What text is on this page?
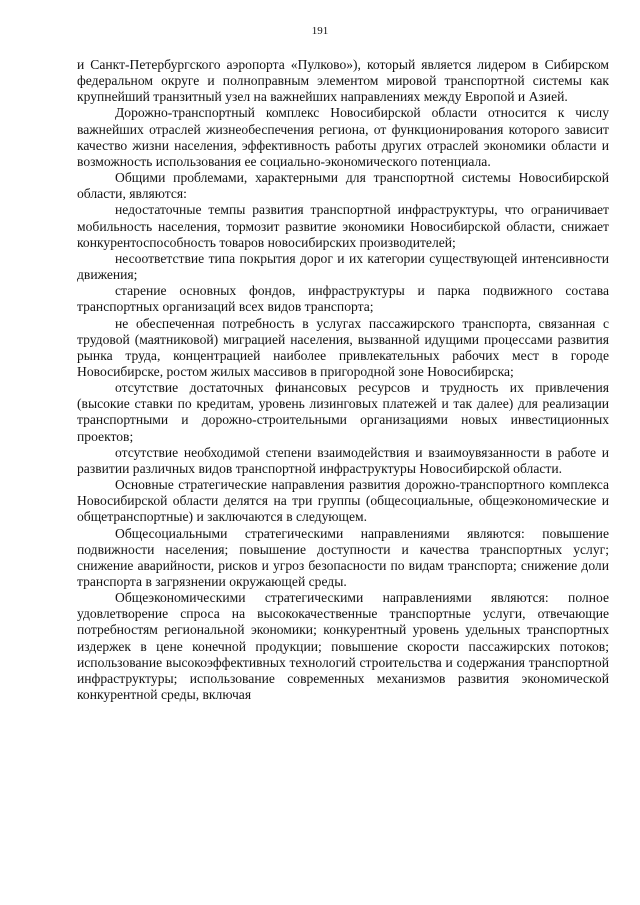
191

и Санкт-Петербургского аэропорта «Пулково»), который является лидером в Сибирском федеральном округе и полноправным элементом мировой транспортной системы как крупнейший транзитный узел на важнейших направлениях между Европой и Азией.

Дорожно-транспортный комплекс Новосибирской области относится к числу важнейших отраслей жизнеобеспечения региона, от функционирования которого зависит качество жизни населения, эффективность работы других отраслей экономики области и возможность использования ее социально-экономического потенциала.

Общими проблемами, характерными для транспортной системы Новосибирской области, являются:

недостаточные темпы развития транспортной инфраструктуры, что ограничивает мобильность населения, тормозит развитие экономики Новосибирской области, снижает конкурентоспособность товаров новосибирских производителей;

несоответствие типа покрытия дорог и их категории существующей интенсивности движения;

старение основных фондов, инфраструктуры и парка подвижного состава транспортных организаций всех видов транспорта;

не обеспеченная потребность в услугах пассажирского транспорта, связанная с трудовой (маятниковой) миграцией населения, вызванной идущими процессами развития рынка труда, концентрацией наиболее привлекательных рабочих мест в городе Новосибирске, ростом жилых массивов в пригородной зоне Новосибирска;

отсутствие достаточных финансовых ресурсов и трудность их привлечения (высокие ставки по кредитам, уровень лизинговых платежей и так далее) для реализации транспортными и дорожно-строительными организациями новых инвестиционных проектов;

отсутствие необходимой степени взаимодействия и взаимоувязанности в работе и развитии различных видов транспортной инфраструктуры Новосибирской области.

Основные стратегические направления развития дорожно-транспортного комплекса Новосибирской области делятся на три группы (общесоциальные, общеэкономические и общетранспортные) и заключаются в следующем.

Общесоциальными стратегическими направлениями являются: повышение подвижности населения; повышение доступности и качества транспортных услуг; снижение аварийности, рисков и угроз безопасности по видам транспорта; снижение доли транспорта в загрязнении окружающей среды.

Общеэкономическими стратегическими направлениями являются: полное удовлетворение спроса на высококачественные транспортные услуги, отвечающие потребностям региональной экономики; конкурентный уровень удельных транспортных издержек в цене конечной продукции; повышение скорости пассажирских потоков; использование высокоэффективных технологий строительства и содержания транспортной инфраструктуры; использование современных механизмов развития экономической конкурентной среды, включая
